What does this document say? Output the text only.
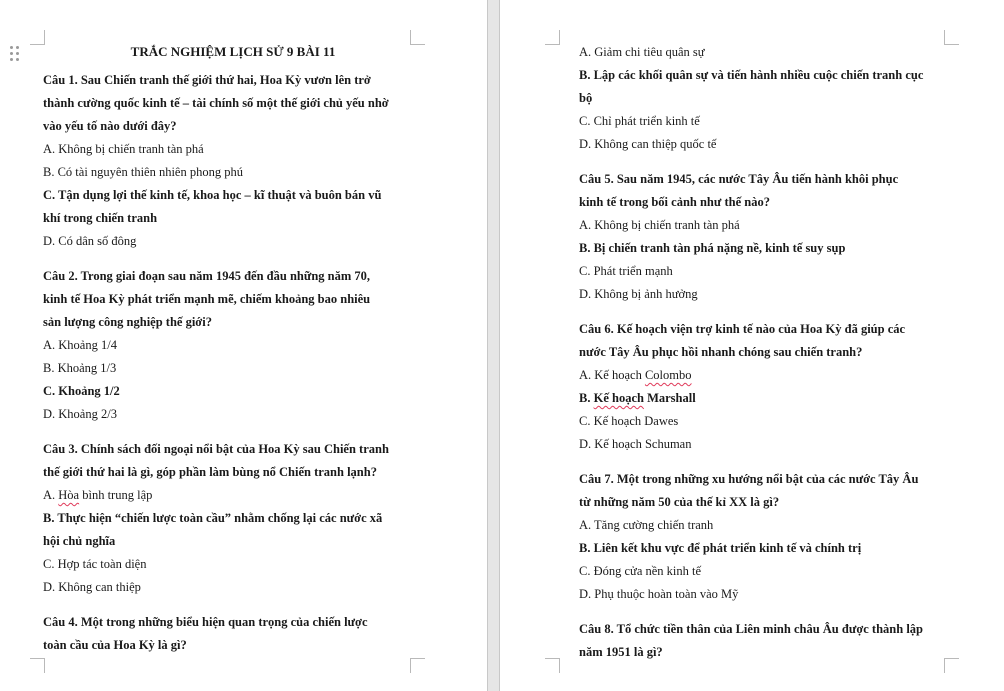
TRẮC NGHIỆM LỊCH SỬ 9 BÀI 11
Câu 1. Sau Chiến tranh thế giới thứ hai, Hoa Kỳ vươn lên trở
thành cường quốc kinh tế – tài chính số một thế giới chủ yếu nhờ
vào yếu tố nào dưới đây?
A. Không bị chiến tranh tàn phá
B. Có tài nguyên thiên nhiên phong phú
C. Tận dụng lợi thế kinh tế, khoa học – kĩ thuật và buôn bán vũ
khí trong chiến tranh
D. Có dân số đông
Câu 2. Trong giai đoạn sau năm 1945 đến đầu những năm 70,
kinh tế Hoa Kỳ phát triển mạnh mẽ, chiếm khoảng bao nhiêu
sản lượng công nghiệp thế giới?
A. Khoảng 1/4
B. Khoảng 1/3
C. Khoảng 1/2
D. Khoảng 2/3
Câu 3. Chính sách đối ngoại nổi bật của Hoa Kỳ sau Chiến tranh
thế giới thứ hai là gì, góp phần làm bùng nổ Chiến tranh lạnh?
A. Hòa bình trung lập
B. Thực hiện “chiến lược toàn cầu” nhằm chống lại các nước xã
hội chủ nghĩa
C. Hợp tác toàn diện
D. Không can thiệp
Câu 4. Một trong những biểu hiện quan trọng của chiến lược
toàn cầu của Hoa Kỳ là gì?
A. Giảm chi tiêu quân sự
B. Lập các khối quân sự và tiến hành nhiều cuộc chiến tranh cục
bộ
C. Chỉ phát triển kinh tế
D. Không can thiệp quốc tế
Câu 5. Sau năm 1945, các nước Tây Âu tiến hành khôi phục
kinh tế trong bối cảnh như thế nào?
A. Không bị chiến tranh tàn phá
B. Bị chiến tranh tàn phá nặng nề, kinh tế suy sụp
C. Phát triển mạnh
D. Không bị ảnh hưởng
Câu 6. Kế hoạch viện trợ kinh tế nào của Hoa Kỳ đã giúp các
nước Tây Âu phục hồi nhanh chóng sau chiến tranh?
A. Kế hoạch Colombo
B. Kế hoạch Marshall
C. Kế hoạch Dawes
D. Kế hoạch Schuman
Câu 7. Một trong những xu hướng nổi bật của các nước Tây Âu
từ những năm 50 của thế kỉ XX là gì?
A. Tăng cường chiến tranh
B. Liên kết khu vực để phát triển kinh tế và chính trị
C. Đóng cửa nền kinh tế
D. Phụ thuộc hoàn toàn vào Mỹ
Câu 8. Tổ chức tiền thân của Liên minh châu Âu được thành lập
năm 1951 là gì?
